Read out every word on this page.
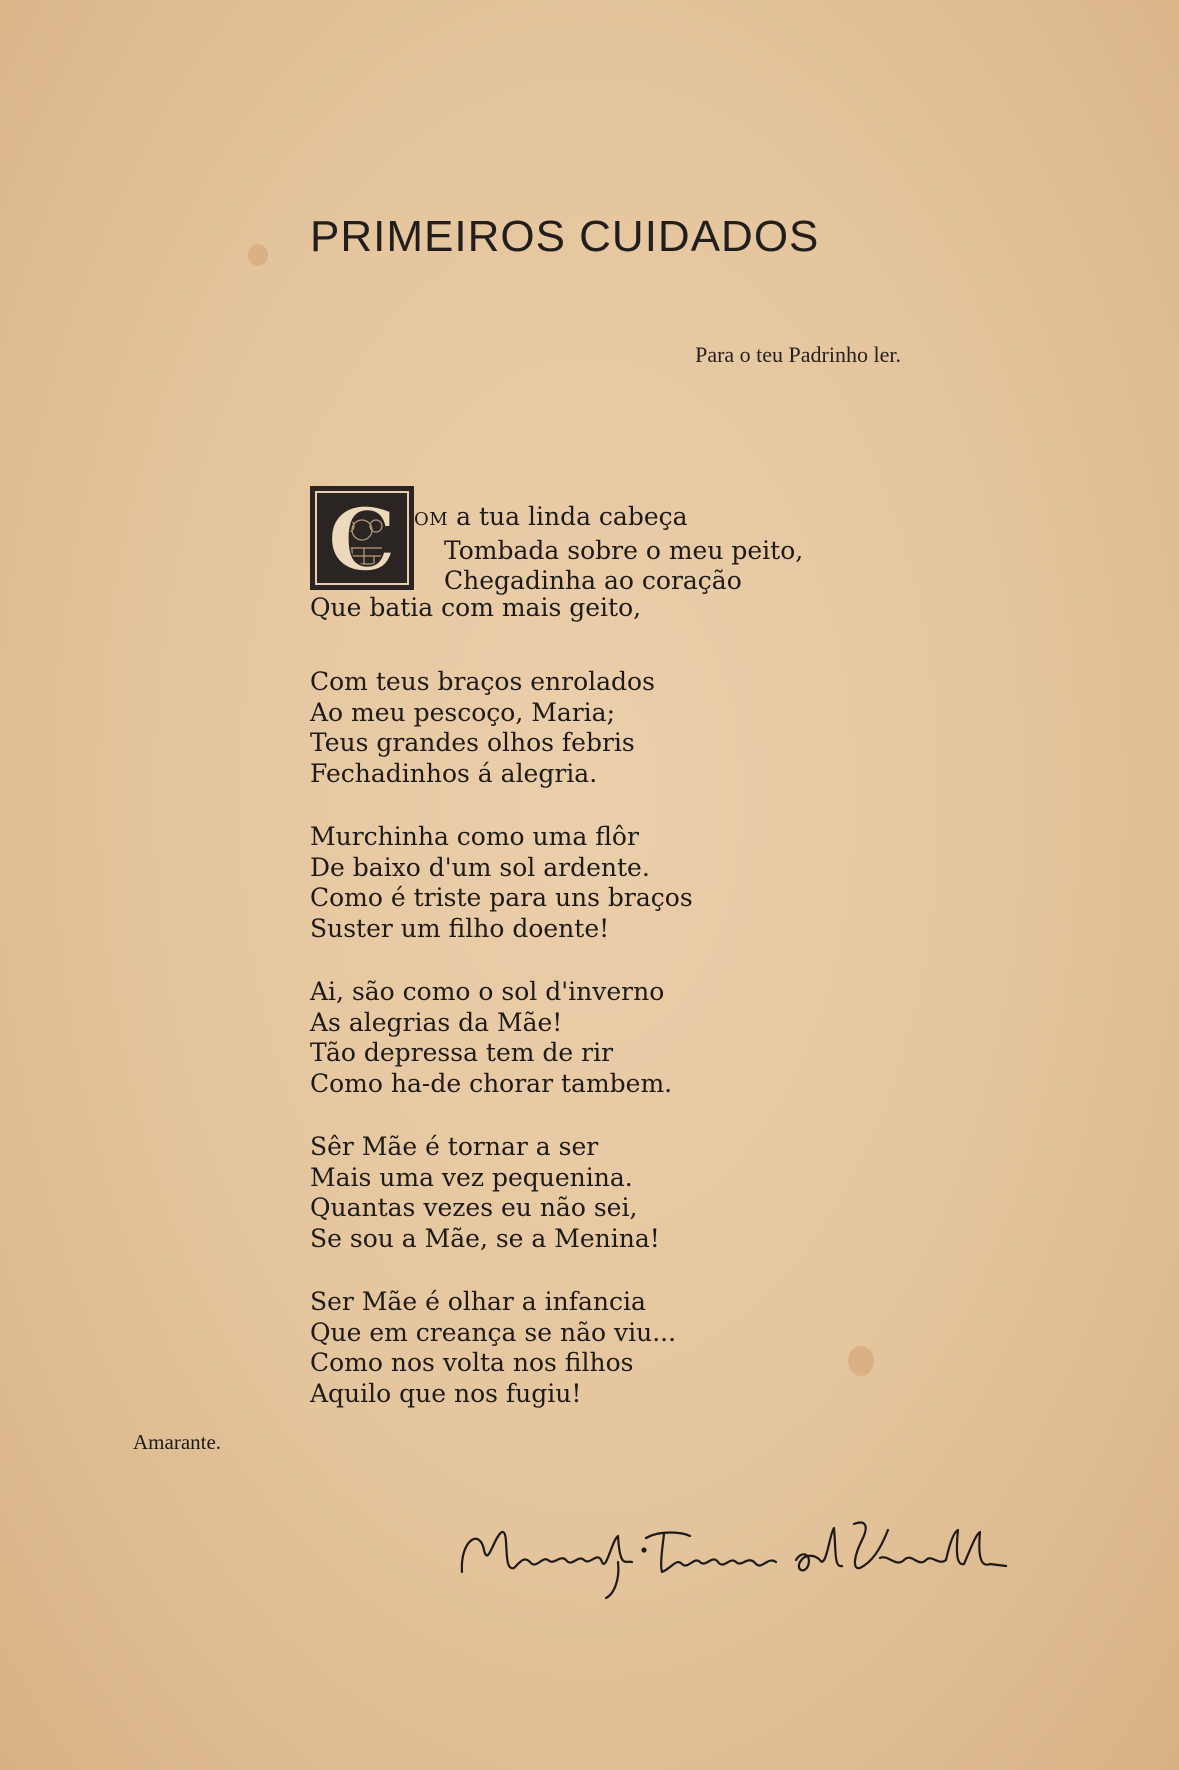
PRIMEIROS CUIDADOS
Para o teu Padrinho ler.
C OM a tua linda cabeça
Tombada sobre o meu peito,
Chegadinha ao coração
Que batia com mais geito,
Com teus braços enrolados
Ao meu pescoço, Maria;
Teus grandes olhos febris
Fechadinhos á alegria.
Murchinha como uma flôr
De baixo d'um sol ardente.
Como é triste para uns braços
Suster um filho doente!
Ai, são como o sol d'inverno
As alegrias da Mãe!
Tão depressa tem de rir
Como ha-de chorar tambem.
Sêr Mãe é tornar a ser
Mais uma vez pequenina.
Quantas vezes eu não sei,
Se sou a Mãe, se a Menina!
Ser Mãe é olhar a infancia
Que em creança se não viu...
Como nos volta nos filhos
Aquilo que nos fugiu!
Amarante.
